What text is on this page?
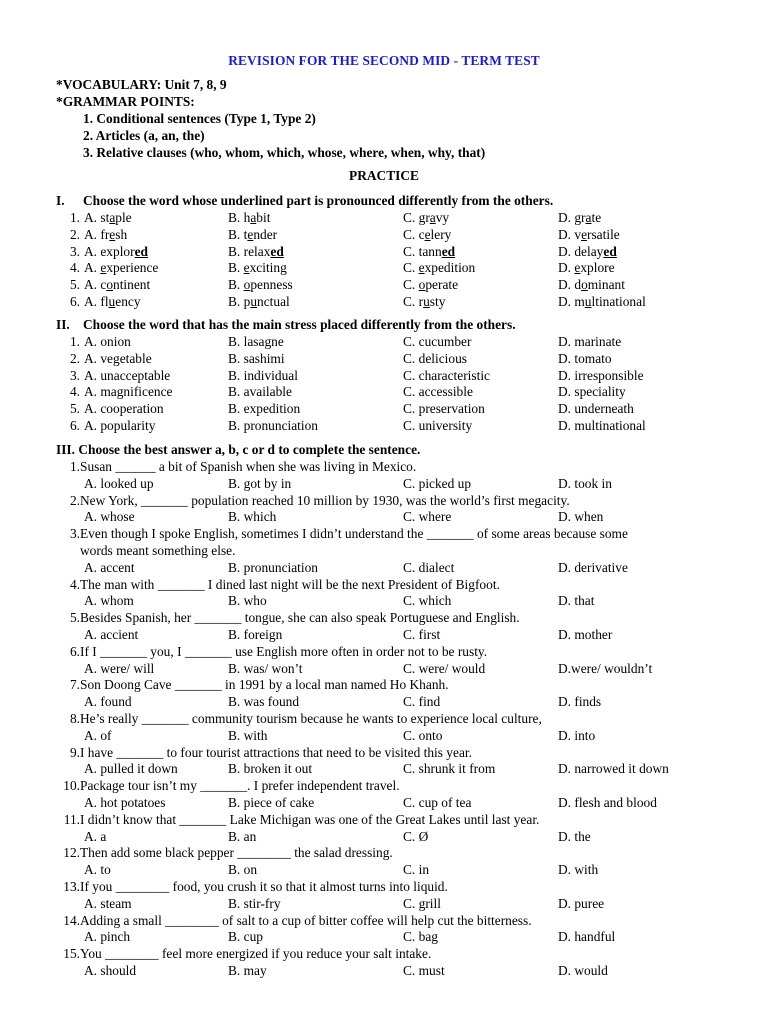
REVISION FOR THE SECOND MID - TERM TEST
*VOCABULARY: Unit 7, 8, 9
*GRAMMAR POINTS:
1. Conditional sentences (Type 1, Type 2)
2. Articles (a, an, the)
3. Relative clauses (who, whom, which, whose, where, when, why, that)
PRACTICE
I. Choose the word whose underlined part is pronounced differently from the others.
1. A. staple	B. habit	C. gravy	D. grate
2. A. fresh	B. tender	C. celery	D. versatile
3. A. explored	B. relaxed	C. tanned	D. delayed
4. A. experience	B. exciting	C. expedition	D. explore
5. A. continent	B. openness	C. operate	D. dominant
6. A. fluency	B. punctual	C. rusty	D. multinational
II. Choose the word that has the main stress placed differently from the others.
1. A. onion	B. lasagne	C. cucumber	D. marinate
2. A. vegetable	B. sashimi	C. delicious	D. tomato
3. A. unacceptable	B. individual	C. characteristic	D. irresponsible
4. A. magnificence	B. available	C. accessible	D. speciality
5. A. cooperation	B. expedition	C. preservation	D. underneath
6. A. popularity	B. pronunciation	C. university	D. multinational
III. Choose the best answer a, b, c or d to complete the sentence.
1. Susan ______ a bit of Spanish when she was living in Mexico.
A. looked up	B. got by in	C. picked up	D. took in
2. New York, _______ population reached 10 million by 1930, was the world’s first megacity.
A. whose	B. which	C. where	D. when
3. Even though I spoke English, sometimes I didn’t understand the _______ of some areas because some
words meant something else.
A. accent	B. pronunciation	C. dialect	D. derivative
4. The man with _______ I dined last night will be the next President of Bigfoot.
A. whom	B. who	C. which	D. that
5. Besides Spanish, her _______ tongue, she can also speak Portuguese and English.
A. accient	B. foreign	C. first	D. mother
6. If I _______ you, I _______ use English more often in order not to be rusty.
A. were/ will	B. was/ won’t	C. were/ would	D.were/ wouldn’t
7. Son Doong Cave _______ in 1991 by a local man named Ho Khanh.
A. found	B. was found	C. find	D. finds
8. He’s really _______ community tourism because he wants to experience local culture,
A. of	B. with	C. onto	D. into
9. I have _______ to four tourist attractions that need to be visited this year.
A. pulled it down	B. broken it out	C. shrunk it from	D. narrowed it down
10. Package tour isn’t my _______. I prefer independent travel.
A. hot potatoes	B. piece of cake	C. cup of tea	D. flesh and blood
11. I didn’t know that _______ Lake Michigan was one of the Great Lakes until last year.
A. a	B. an	C. Ø	D. the
12. Then add some black pepper ________ the salad dressing.
A. to	B. on	C. in	D. with
13. If you ________ food, you crush it so that it almost turns into liquid.
A. steam	B. stir-fry	C. grill	D. puree
14. Adding a small ________ of salt to a cup of bitter coffee will help cut the bitterness.
A. pinch	B. cup	C. bag	D. handful
15. You ________ feel more energized if you reduce your salt intake.
A. should	B. may	C. must	D. would
